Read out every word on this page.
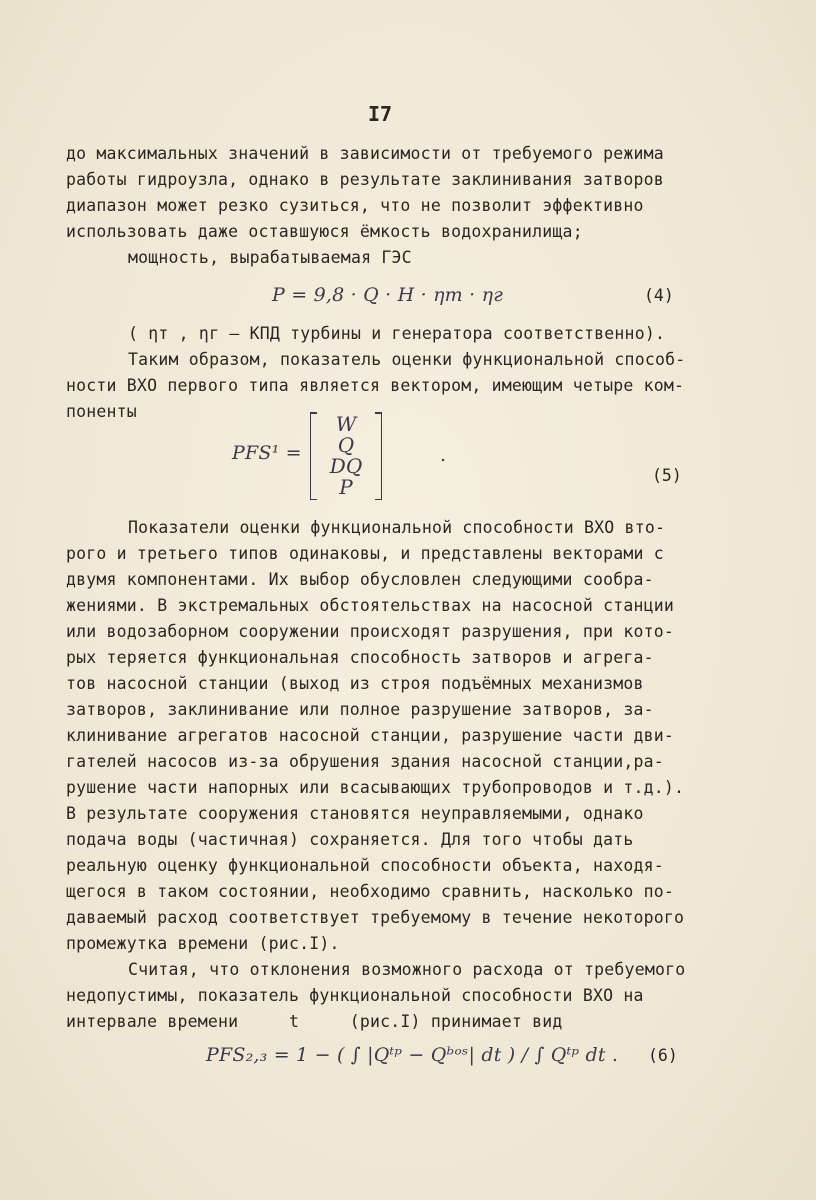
I7
до максимальных значений в зависимости от требуемого режима
работы гидроузла, однако в результате заклинивания затворов
диапазон может резко сузиться, что не позволит эффективно
использовать даже оставшуюся ёмкость водохранилища;
мощность, вырабатываемая ГЭС
P = 9,8 · Q · H · ηт · ηг	(4)
( ηт , ηг – КПД турбины и генератора соответственно).
Таким образом, показатель оценки функциональной способ-
ности ВХО первого типа является вектором, имеющим четыре ком-
поненты
PFS¹ =
W
Q
DQ
P
.
(5)
Показатели оценки функциональной способности ВХО вто-
рого и третьего типов одинаковы, и представлены векторами с
двумя компонентами. Их выбор обусловлен следующими сообра-
жениями. В экстремальных обстоятельствах на насосной станции
или водозаборном сооружении происходят разрушения, при кото-
рых теряется функциональная способность затворов и агрега-
тов насосной станции (выход из строя подъёмных механизмов
затворов, заклинивание или полное разрушение затворов, за-
клинивание агрегатов насосной станции, разрушение части дви-
гателей насосов из-за обрушения здания насосной станции,ра-
рушение части напорных или всасывающих трубопроводов и т.д.).
В результате сооружения становятся неуправляемыми, однако
подача воды (частичная) сохраняется. Для того чтобы дать
реальную оценку функциональной способности объекта, находя-
щегося в таком состоянии, необходимо сравнить, насколько по-
даваемый расход соответствует требуемому в течение некоторого
промежутка времени (рис.I).
Считая, что отклонения возможного расхода от требуемого
недопустимы, показатель функциональной способности ВХО на
интервале времени     t     (рис.I) принимает вид
PFS₂,₃ = 1 − ( ∫ |Qᵗᵖ − Qᵇᵒˢ| dt ) / ∫ Qᵗᵖ dt . (6)
